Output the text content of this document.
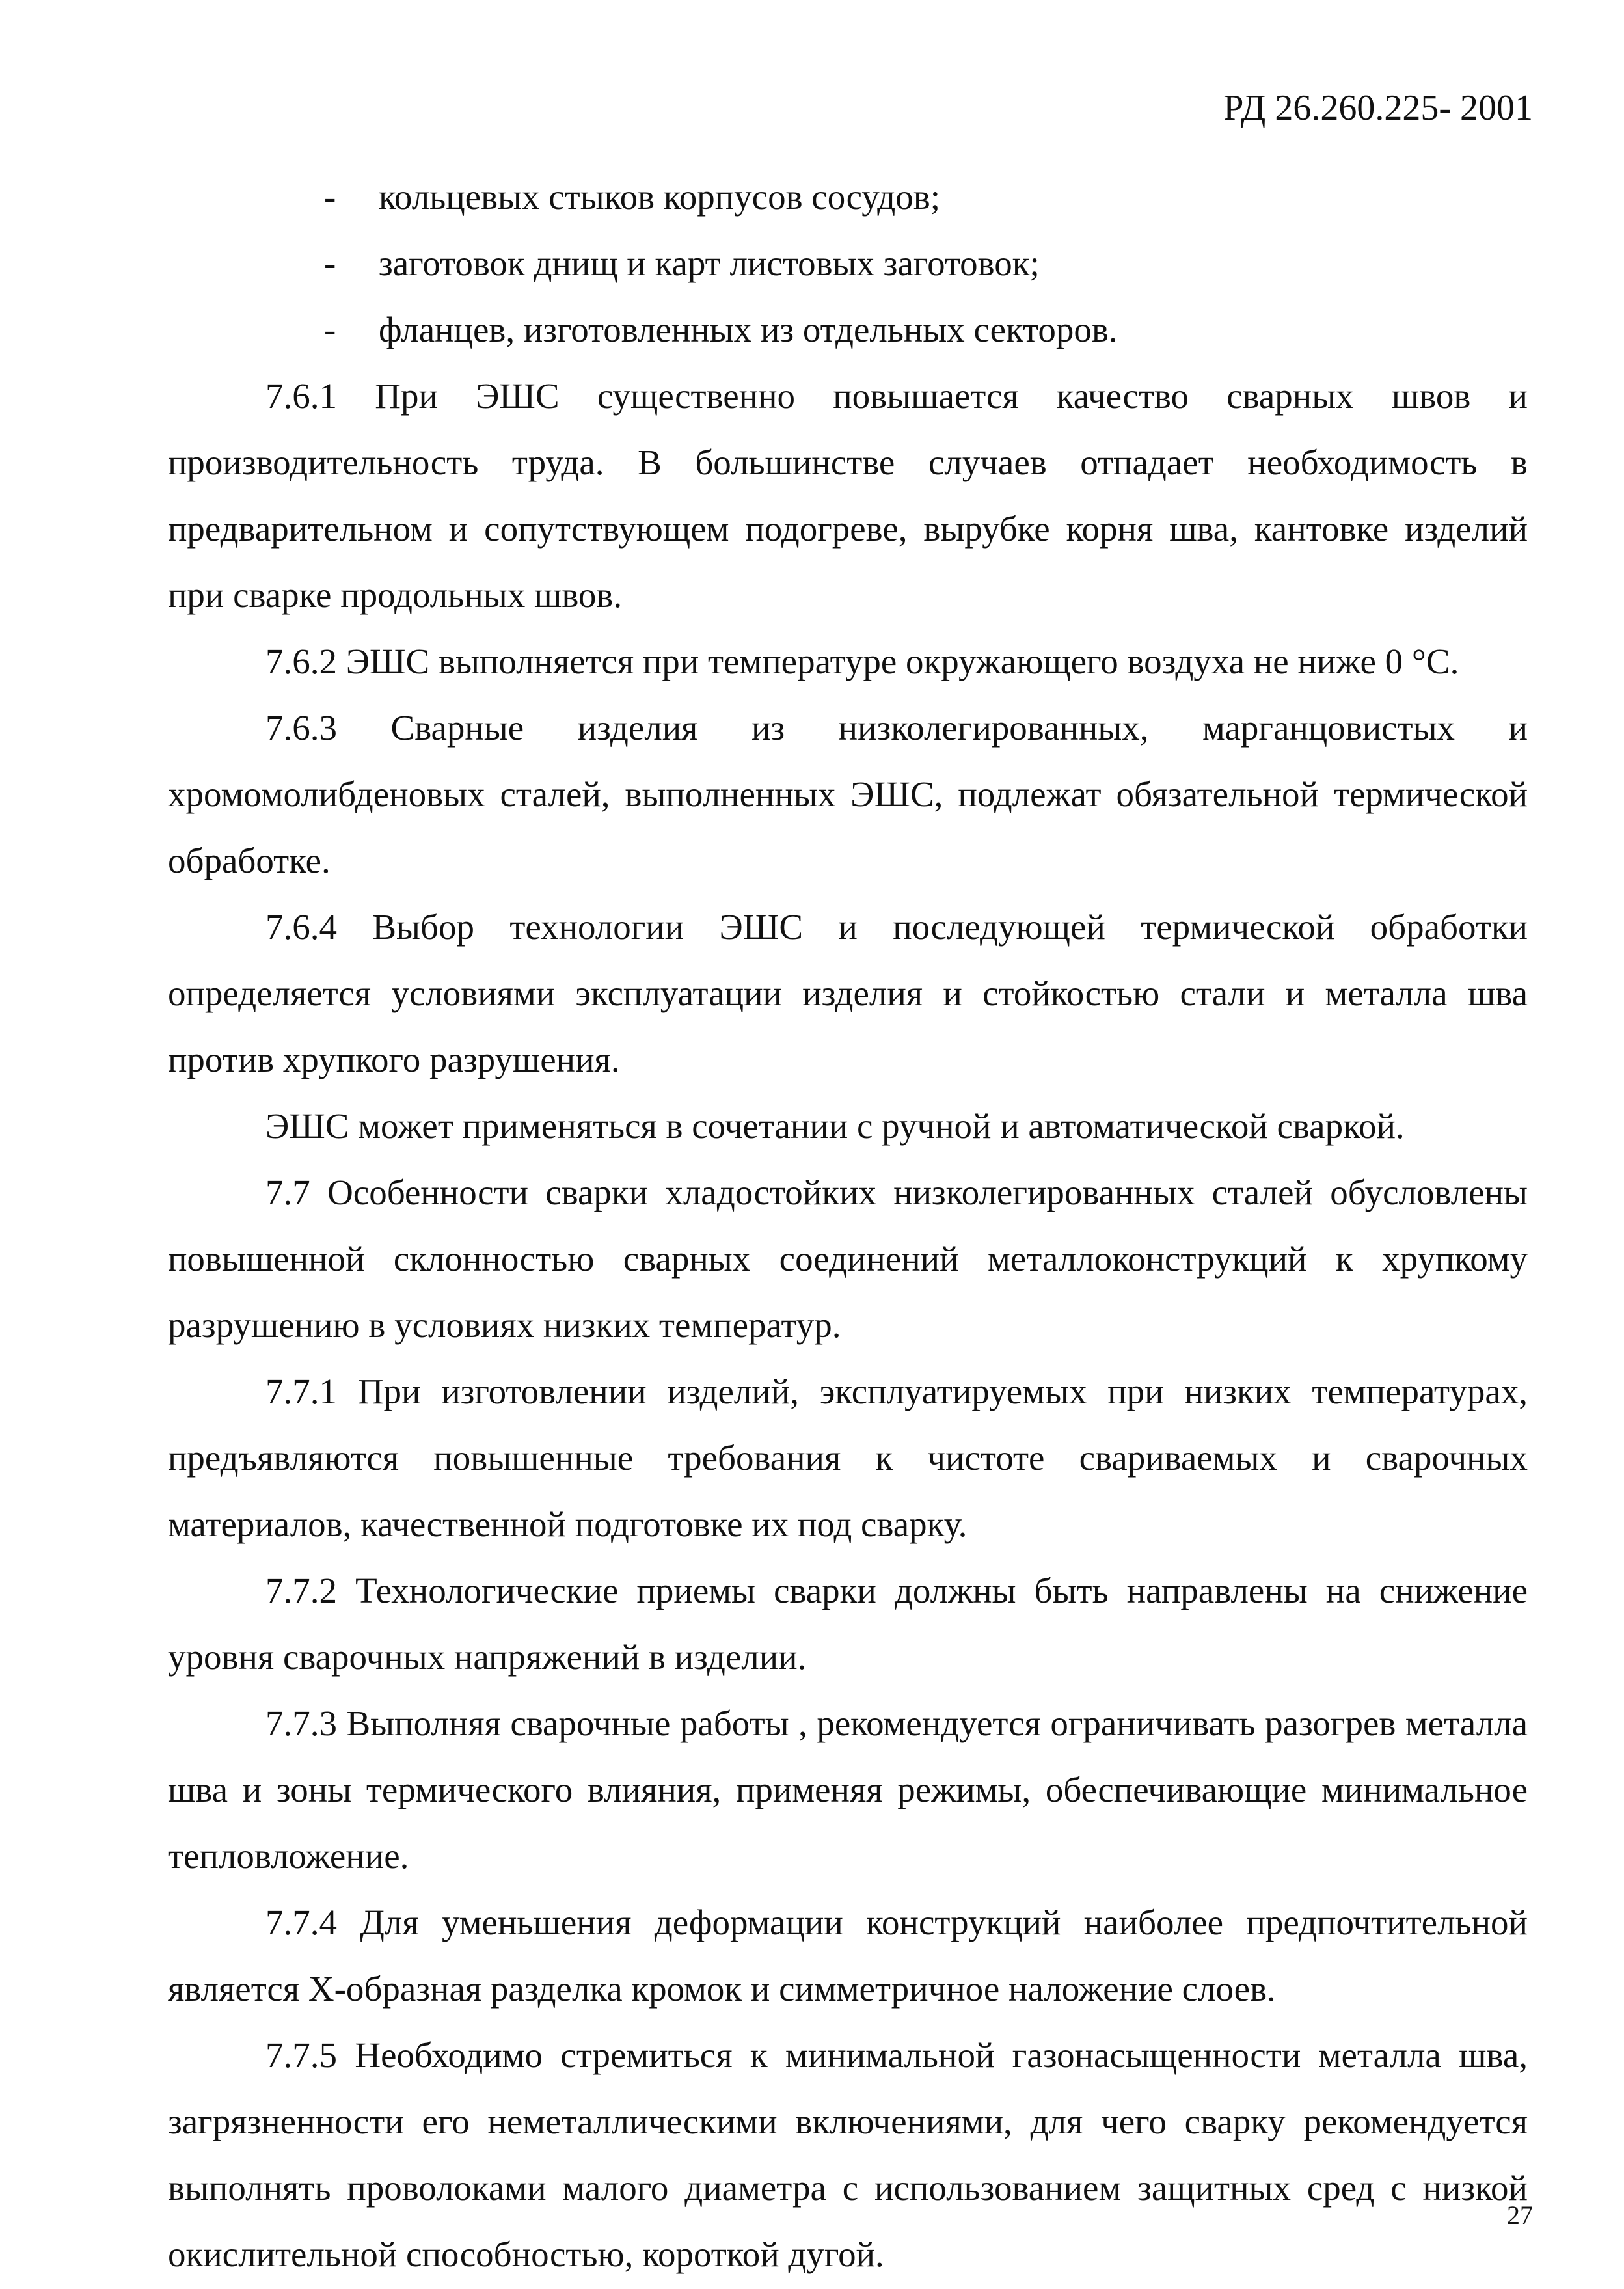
РД 26.260.225- 2001

- кольцевых стыков корпусов сосудов;

- заготовок днищ и карт листовых заготовок;

- фланцев, изготовленных из отдельных секторов.

7.6.1 При ЭШС существенно повышается качество сварных швов и производительность труда. В большинстве случаев отпадает необходимость в предварительном и сопутствующем подогреве, вырубке корня шва, кантовке изделий при сварке продольных швов.

7.6.2 ЭШС выполняется при температуре окружающего воздуха не ниже 0 °С.

7.6.3 Сварные изделия из низколегированных, марганцовистых и хромомолибденовых сталей, выполненных ЭШС, подлежат обязательной термической обработке.

7.6.4 Выбор технологии ЭШС и последующей термической обработки определяется условиями эксплуатации изделия и стойкостью стали и металла шва против хрупкого разрушения.

ЭШС может применяться в сочетании с ручной и автоматической сваркой.

7.7 Особенности сварки хладостойких низколегированных сталей обусловлены повышенной склонностью сварных соединений металлоконструкций к хрупкому разрушению в условиях низких температур.

7.7.1 При изготовлении изделий, эксплуатируемых при низких температурах, предъявляются повышенные требования к чистоте свариваемых и сварочных материалов, качественной подготовке их под сварку.

7.7.2 Технологические приемы сварки должны быть направлены на снижение уровня сварочных напряжений в изделии.

7.7.3 Выполняя сварочные работы , рекомендуется ограничивать разогрев металла шва и зоны термического влияния, применяя режимы, обеспечивающие минимальное тепловложение.

7.7.4 Для уменьшения деформации конструкций наиболее предпочтительной является Х-образная разделка кромок и симметричное наложение слоев.

7.7.5 Необходимо стремиться к минимальной газонасыщенности металла шва, загрязненности его неметаллическими включениями, для чего сварку рекомендуется выполнять проволоками малого диаметра с использованием защитных сред с низкой окислительной способностью, короткой дугой.

27
